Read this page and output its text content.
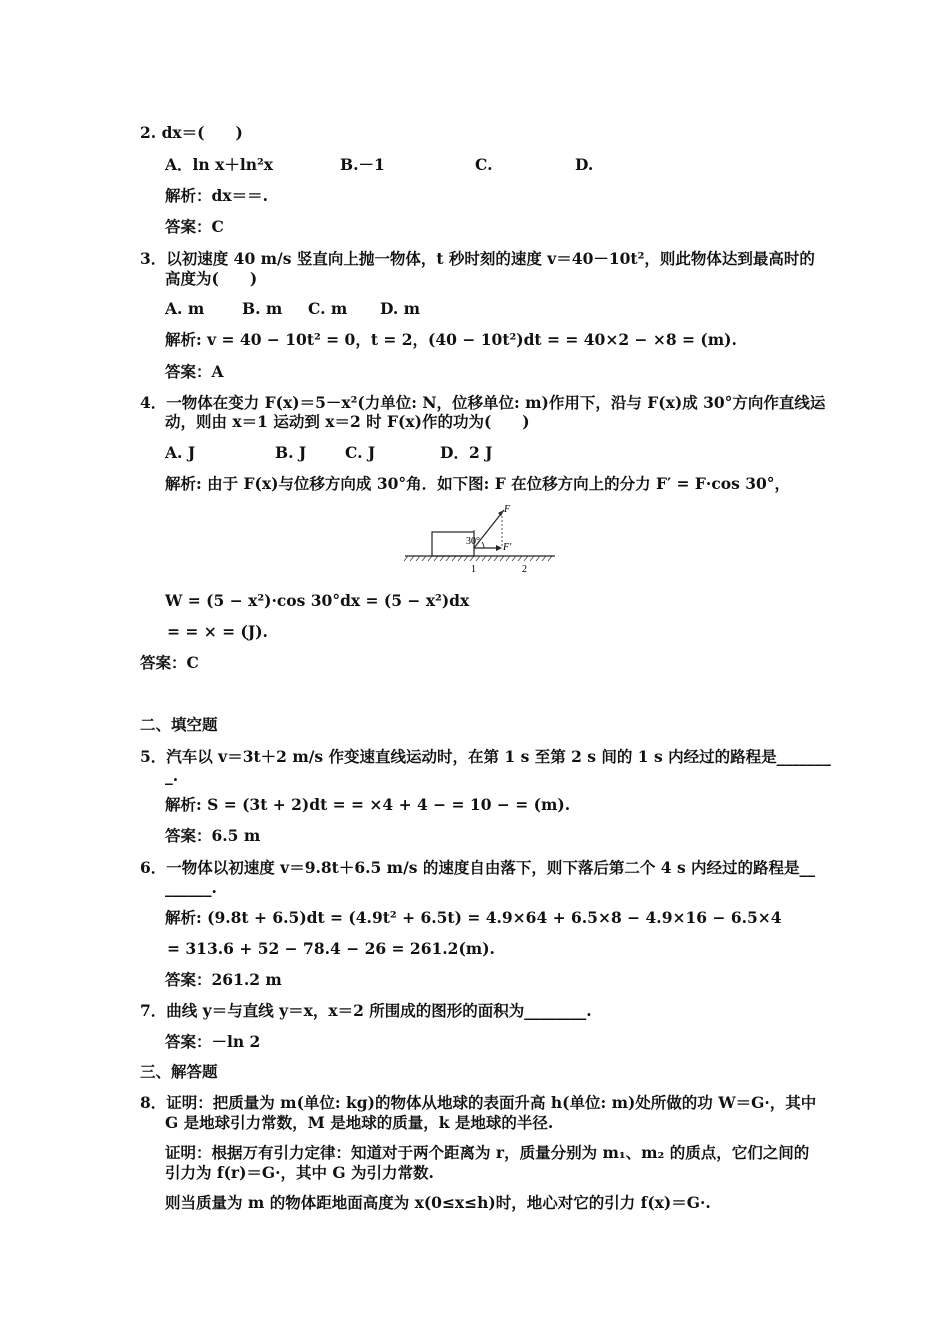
2. dx＝(　　)
A．ln x＋ln²x	B.－1	C.	D.
解析：dx＝＝.
答案：C
3．以初速度 40 m/s 竖直向上抛一物体，t 秒时刻的速度 v＝40－10t²，则此物体达到最高时的
高度为(　　)
A. m B. m C. m D. m
解析: v = 40 − 10t² = 0，t = 2，(40 − 10t²)dt = = 40×2 − ×8 = (m).
答案：A
4．一物体在变力 F(x)＝5－x²(力单位: N，位移单位: m)作用下，沿与 F(x)成 30°方向作直线运
动，则由 x＝1 运动到 x＝2 时 F(x)作的功为(　　)
A. J	B. J	C. J	D．2 J
解析: 由于 F(x)与位移方向成 30°角．如下图: F 在位移方向上的分力 F′ = F·cos 30°，
F
F′
30°
1	2
W = (5 − x²)·cos 30°dx = (5 − x²)dx
= = × = (J).
答案：C
二、填空题
5．汽车以 v＝3t＋2 m/s 作变速直线运动时，在第 1 s 至第 2 s 间的 1 s 内经过的路程是_______
_.
解析: S = (3t + 2)dt = = ×4 + 4 − = 10 − = (m).
答案：6.5 m
6．一物体以初速度 v＝9.8t＋6.5 m/s 的速度自由落下，则下落后第二个 4 s 内经过的路程是__
______.
解析: (9.8t + 6.5)dt = (4.9t² + 6.5t) = 4.9×64 + 6.5×8 − 4.9×16 − 6.5×4
= 313.6 + 52 − 78.4 − 26 = 261.2(m).
答案：261.2 m
7．曲线 y＝与直线 y＝x，x＝2 所围成的图形的面积为________.
答案：－ln 2
三、解答题
8．证明：把质量为 m(单位: kg)的物体从地球的表面升高 h(单位: m)处所做的功 W＝G·，其中
G 是地球引力常数，M 是地球的质量，k 是地球的半径.
证明：根据万有引力定律：知道对于两个距离为 r，质量分别为 m₁、m₂ 的质点，它们之间的
引力为 f(r)＝G·，其中 G 为引力常数.
则当质量为 m 的物体距地面高度为 x(0≤x≤h)时，地心对它的引力 f(x)＝G·.
